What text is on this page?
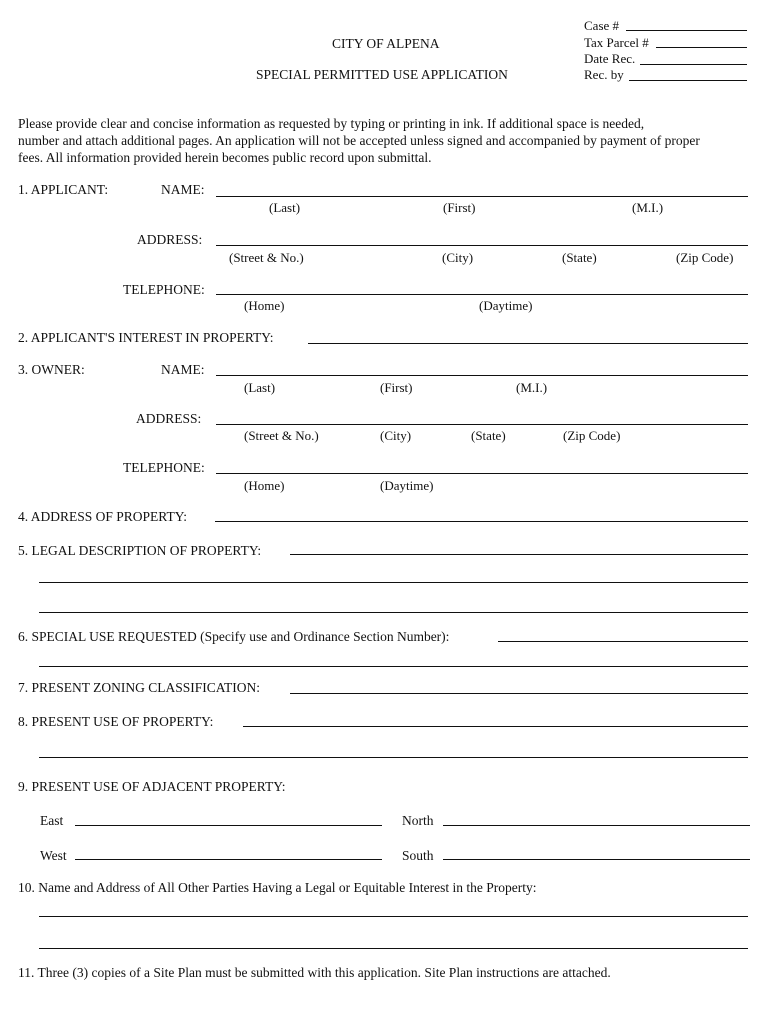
CITY OF ALPENA
SPECIAL PERMITTED USE APPLICATION
Case #
Tax Parcel #
Date Rec.
Rec. by

Please provide clear and concise information as requested by typing or printing in ink. If additional space is needed,

number and attach additional pages. An application will not be accepted unless signed and accompanied by payment of proper

fees. All information provided herein becomes public record upon submittal.

1. APPLICANT:	NAME:
(Last)	(First)	(M.I.)
ADDRESS:
(Street & No.)	(City)	(State)	(Zip Code)
TELEPHONE:
(Home)	(Daytime)
2. APPLICANT'S INTEREST IN PROPERTY:
3. OWNER:	NAME:
(Last)	(First)	(M.I.)
ADDRESS:
(Street & No.)	(City)	(State)	(Zip Code)
TELEPHONE:
(Home)	(Daytime)
4. ADDRESS OF PROPERTY:
5. LEGAL DESCRIPTION OF PROPERTY:
6. SPECIAL USE REQUESTED (Specify use and Ordinance Section Number):
7. PRESENT ZONING CLASSIFICATION:
8. PRESENT USE OF PROPERTY:
9. PRESENT USE OF ADJACENT PROPERTY:
East	North
West	South
10. Name and Address of All Other Parties Having a Legal or Equitable Interest in the Property:
11. Three (3) copies of a Site Plan must be submitted with this application. Site Plan instructions are attached.
